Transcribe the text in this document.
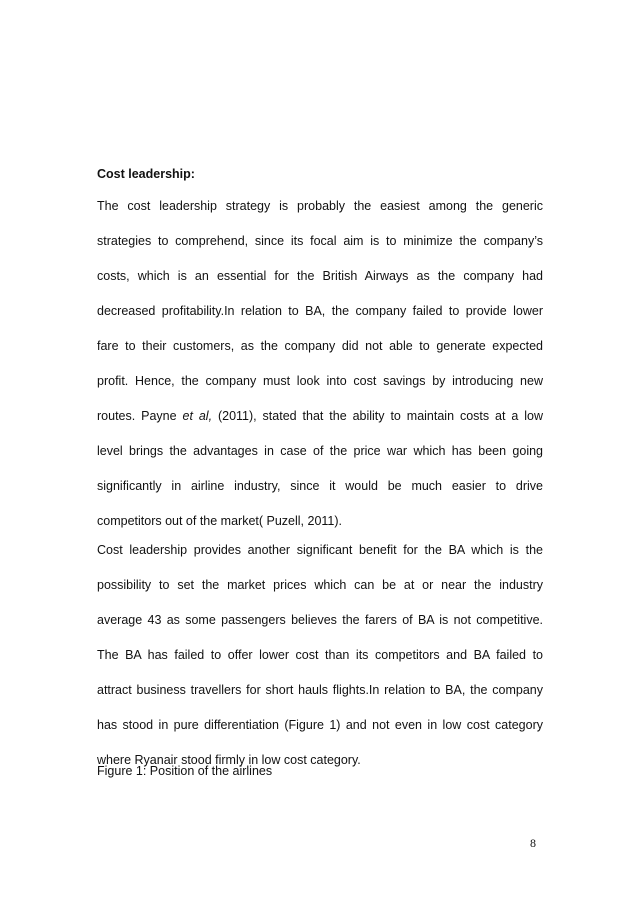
Cost leadership:
The cost leadership strategy is probably the easiest among the generic
strategies to comprehend, since its focal aim is to minimize the company’s
costs, which is an essential for the British Airways as the company had
decreased profitability.In relation to BA, the company failed to provide lower
fare to their customers, as the company did not able to generate expected
profit. Hence, the company must look into cost savings by introducing new
routes. Payne et al, (2011), stated that the ability to maintain costs at a low
level brings the advantages in case of the price war which has been going
significantly in airline industry, since it would be much easier to drive
competitors out of the market( Puzell, 2011).
Cost leadership provides another significant benefit for the BA which is the
possibility to set the market prices which can be at or near the industry
average 43 as some passengers believes the farers of BA is not competitive.
The BA has failed to offer lower cost than its competitors and BA failed to
attract business travellers for short hauls flights.In relation to BA, the company
has stood in pure differentiation (Figure 1) and not even in low cost category
where Ryanair stood firmly in low cost category.
Figure 1: Position of the airlines
8
